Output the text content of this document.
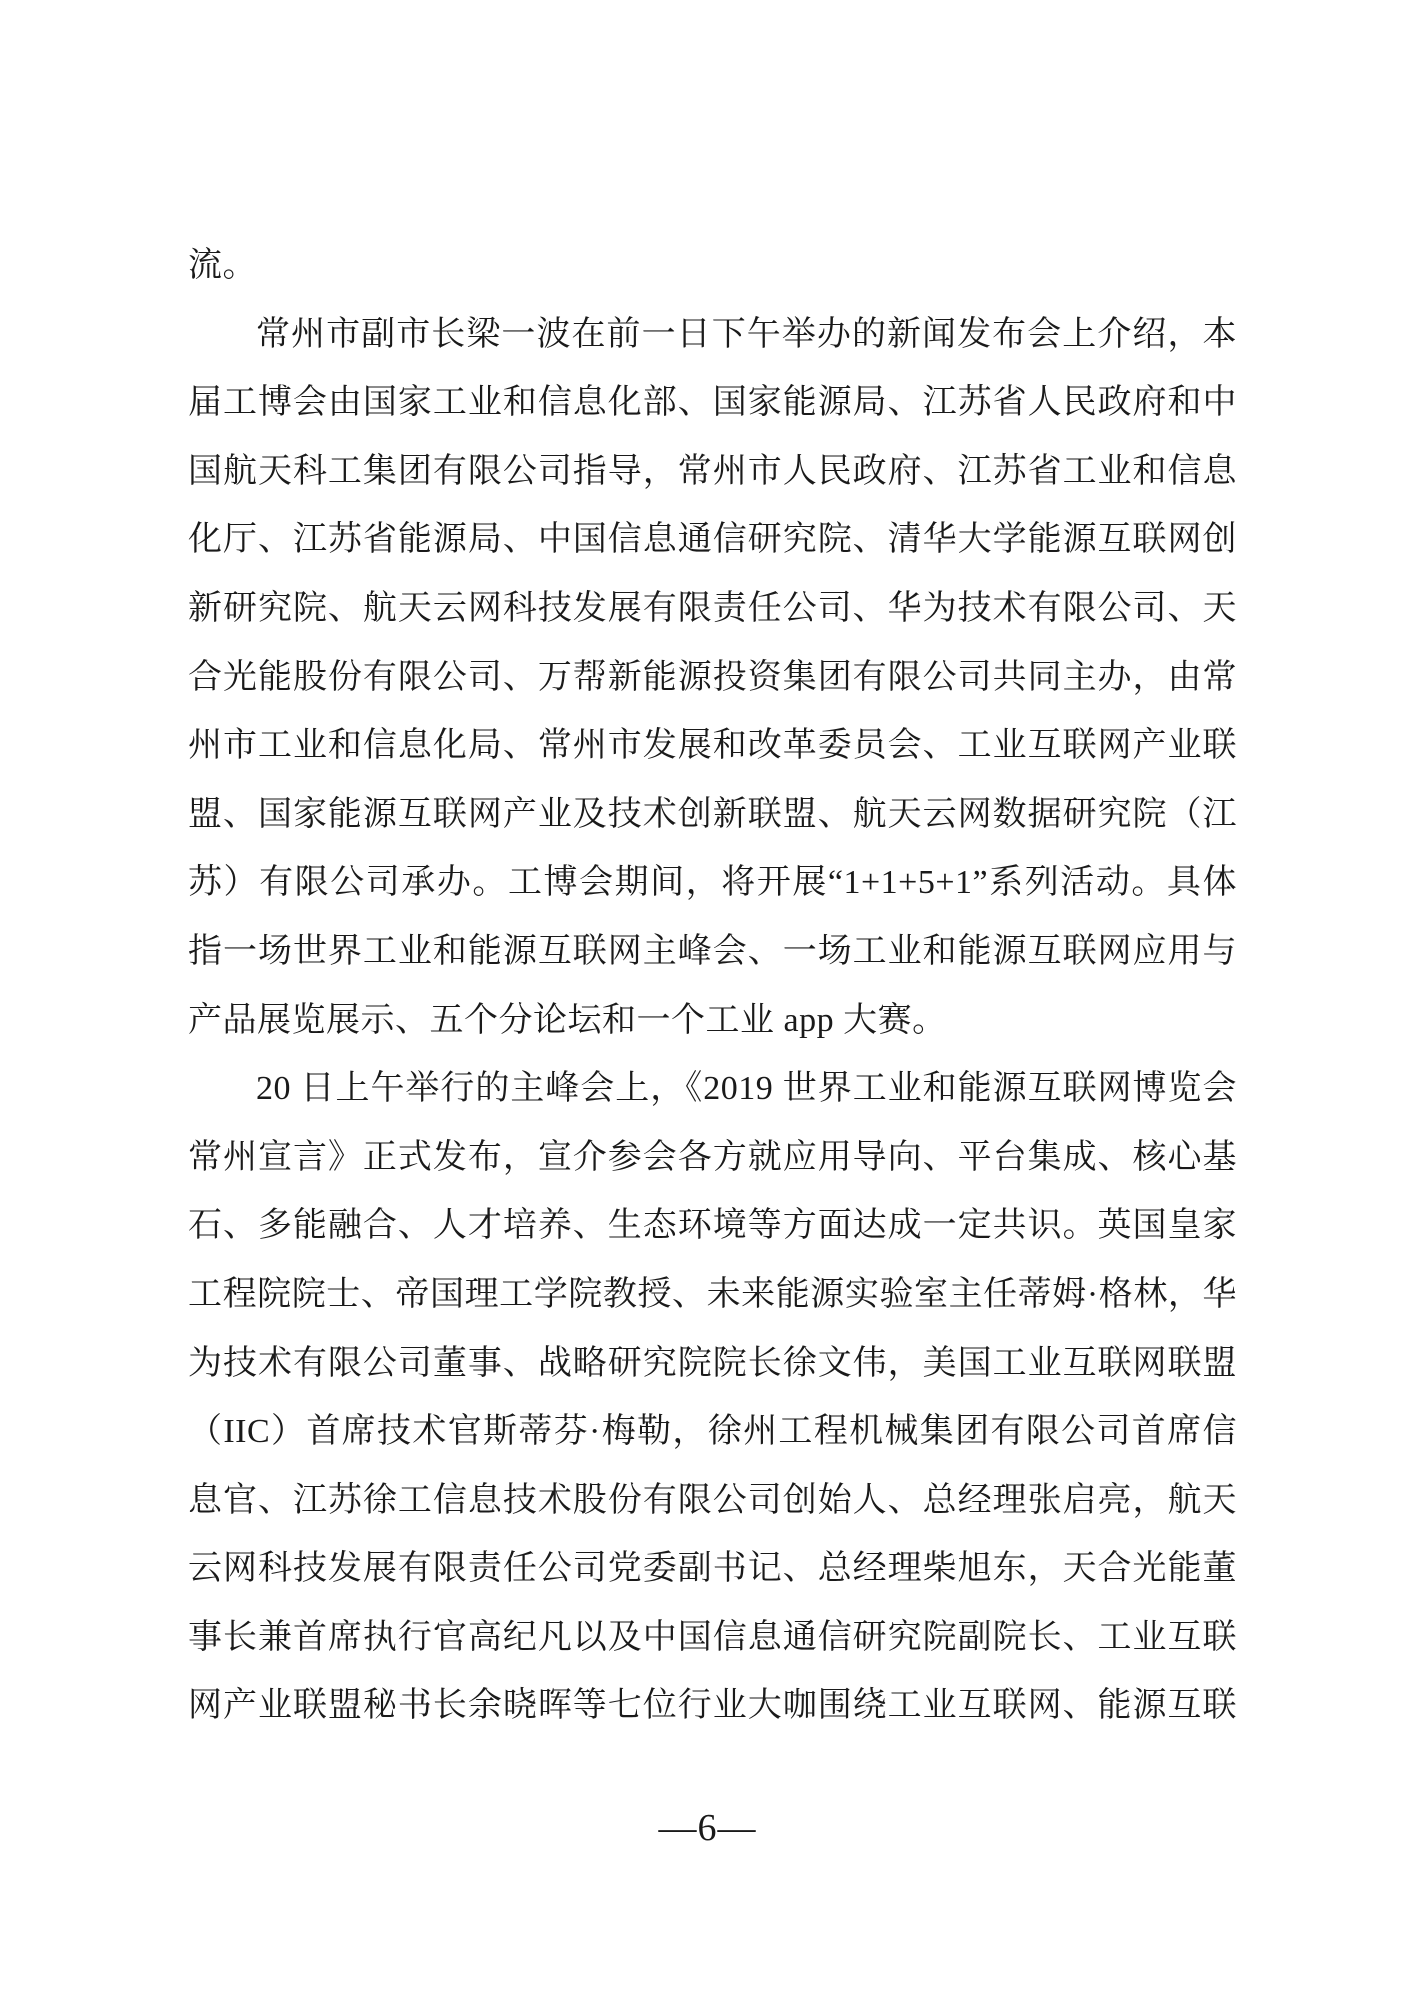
流。
常州市副市长梁一波在前一日下午举办的新闻发布会上介绍，本
届工博会由国家工业和信息化部、国家能源局、江苏省人民政府和中
国航天科工集团有限公司指导，常州市人民政府、江苏省工业和信息
化厅、江苏省能源局、中国信息通信研究院、清华大学能源互联网创
新研究院、航天云网科技发展有限责任公司、华为技术有限公司、天
合光能股份有限公司、万帮新能源投资集团有限公司共同主办，由常
州市工业和信息化局、常州市发展和改革委员会、工业互联网产业联
盟、国家能源互联网产业及技术创新联盟、航天云网数据研究院（江
苏）有限公司承办。工博会期间，将开展“1+1+5+1”系列活动。具体
指一场世界工业和能源互联网主峰会、一场工业和能源互联网应用与
产品展览展示、五个分论坛和一个工业 app 大赛。
20 日上午举行的主峰会上，《2019 世界工业和能源互联网博览会
常州宣言》正式发布，宣介参会各方就应用导向、平台集成、核心基
石、多能融合、人才培养、生态环境等方面达成一定共识。英国皇家
工程院院士、帝国理工学院教授、未来能源实验室主任蒂姆·格林，华
为技术有限公司董事、战略研究院院长徐文伟，美国工业互联网联盟
（IIC）首席技术官斯蒂芬·梅勒，徐州工程机械集团有限公司首席信
息官、江苏徐工信息技术股份有限公司创始人、总经理张启亮，航天
云网科技发展有限责任公司党委副书记、总经理柴旭东，天合光能董
事长兼首席执行官高纪凡以及中国信息通信研究院副院长、工业互联
网产业联盟秘书长余晓晖等七位行业大咖围绕工业互联网、能源互联
—6—
